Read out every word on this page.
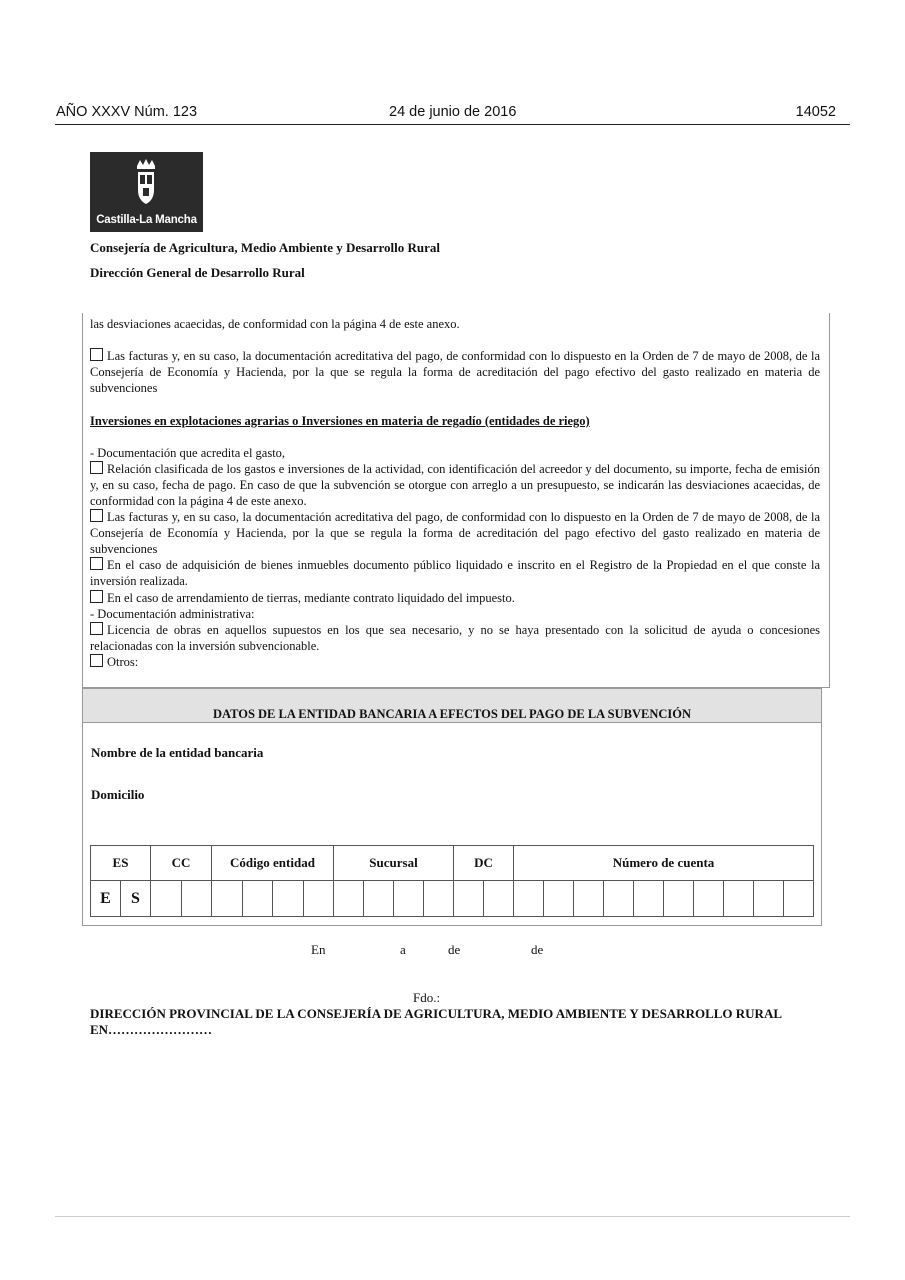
AÑO XXXV Núm. 123	24 de junio de 2016	14052
Castilla-La Mancha
Consejería de Agricultura, Medio Ambiente y Desarrollo Rural
Dirección General de Desarrollo Rural
las desviaciones acaecidas, de conformidad con la página 4 de este anexo.
Las facturas y, en su caso, la documentación acreditativa del pago, de conformidad con lo dispuesto en la Orden de 7 de mayo de 2008, de la Consejería de Economía y Hacienda, por la que se regula la forma de acreditación del pago efectivo del gasto realizado en materia de subvenciones
Inversiones en explotaciones agrarias o Inversiones en materia de regadío (entidades de riego)
- Documentación que acredita el gasto,
Relación clasificada de los gastos e inversiones de la actividad, con identificación del acreedor y del documento, su importe, fecha de emisión y, en su caso, fecha de pago. En caso de que la subvención se otorgue con arreglo a un presupuesto, se indicarán las desviaciones acaecidas, de conformidad con la página 4 de este anexo.
Las facturas y, en su caso, la documentación acreditativa del pago, de conformidad con lo dispuesto en la Orden de 7 de mayo de 2008, de la Consejería de Economía y Hacienda, por la que se regula la forma de acreditación del pago efectivo del gasto realizado en materia de subvenciones
En el caso de adquisición de bienes inmuebles documento público liquidado e inscrito en el Registro de la Propiedad en el que conste la inversión realizada.
En el caso de arrendamiento de tierras, mediante contrato liquidado del impuesto.
- Documentación administrativa:
Licencia de obras en aquellos supuestos en los que sea necesario, y no se haya presentado con la solicitud de ayuda o concesiones relacionadas con la inversión subvencionable.
Otros:
DATOS DE LA ENTIDAD BANCARIA A EFECTOS DEL PAGO DE LA SUBVENCIÓN
Nombre de la entidad bancaria
Domicilio
ES		CC		Código entidad				Sucursal				DC		Número de cuenta									
E	S																						
En	a	de	de
Fdo.:
DIRECCIÓN PROVINCIAL DE LA CONSEJERÍA DE AGRICULTURA, MEDIO AMBIENTE Y DESARROLLO RURAL EN……………………
